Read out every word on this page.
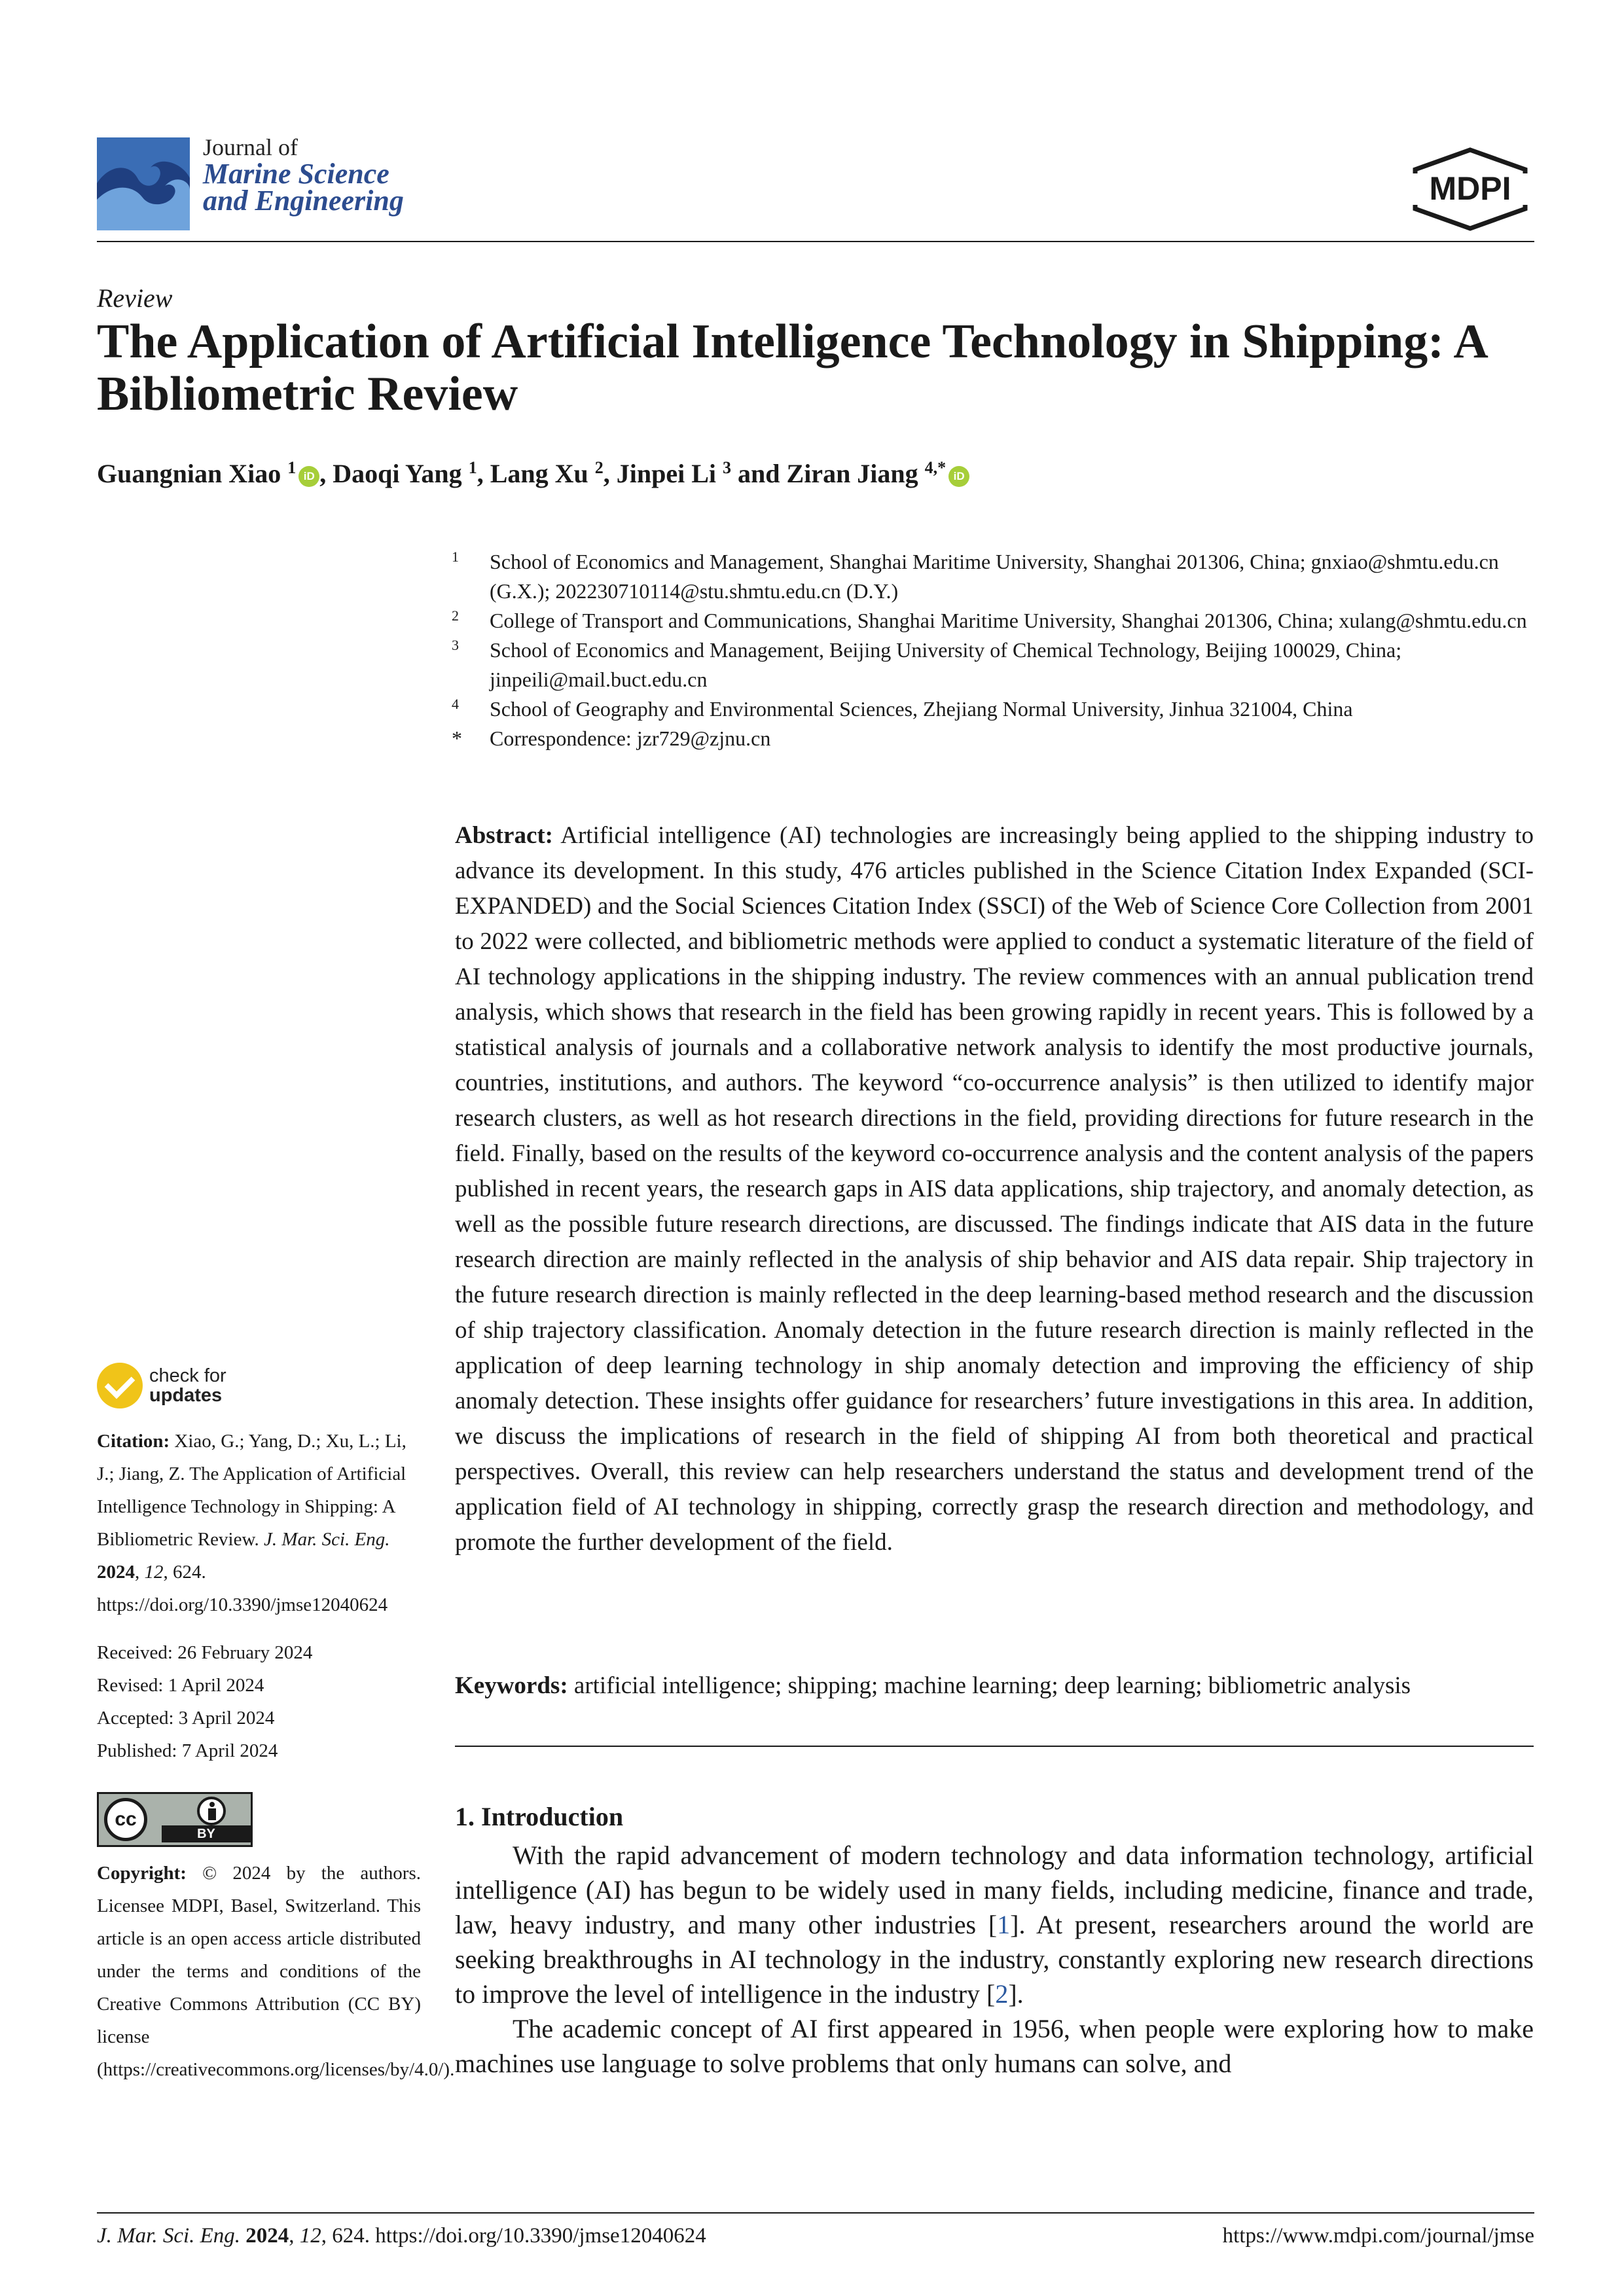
Journal of
Marine Science
and Engineering	MDPI
Review
The Application of Artificial Intelligence Technology in Shipping: A Bibliometric Review
Guangnian Xiao $^1$ iD , Daoqi Yang $^1$, Lang Xu $^2$, Jinpei Li $^3$ and Ziran Jiang $^{4,*}$ iD
1	School of Economics and Management, Shanghai Maritime University, Shanghai 201306, China; gnxiao@shmtu.edu.cn (G.X.); 202230710114@stu.shmtu.edu.cn (D.Y.)
2	College of Transport and Communications, Shanghai Maritime University, Shanghai 201306, China; xulang@shmtu.edu.cn
3	School of Economics and Management, Beijing University of Chemical Technology, Beijing 100029, China; jinpeili@mail.buct.edu.cn
4	School of Geography and Environmental Sciences, Zhejiang Normal University, Jinhua 321004, China
*	Correspondence: jzr729@zjnu.cn
Abstract: Artificial intelligence (AI) technologies are increasingly being applied to the shipping industry to advance its development. In this study, 476 articles published in the Science Citation Index Expanded (SCI-EXPANDED) and the Social Sciences Citation Index (SSCI) of the Web of Science Core Collection from 2001 to 2022 were collected, and bibliometric methods were applied to conduct a systematic literature of the field of AI technology applications in the shipping industry. The review commences with an annual publication trend analysis, which shows that research in the field has been growing rapidly in recent years. This is followed by a statistical analysis of journals and a collaborative network analysis to identify the most productive journals, countries, institutions, and authors. The keyword “co-occurrence analysis” is then utilized to identify major research clusters, as well as hot research directions in the field, providing directions for future research in the field. Finally, based on the results of the keyword co-occurrence analysis and the content analysis of the papers published in recent years, the research gaps in AIS data applications, ship trajectory, and anomaly detection, as well as the possible future research directions, are discussed. The findings indicate that AIS data in the future research direction are mainly reflected in the analysis of ship behavior and AIS data repair. Ship trajectory in the future research direction is mainly reflected in the deep learning-based method research and the discussion of ship trajectory classification. Anomaly detection in the future research direction is mainly reflected in the application of deep learning technology in ship anomaly detection and improving the efficiency of ship anomaly detection. These insights offer guidance for researchers’ future investigations in this area. In addition, we discuss the implications of research in the field of shipping AI from both theoretical and practical perspectives. Overall, this review can help researchers understand the status and development trend of the application field of AI technology in shipping, correctly grasp the research direction and methodology, and promote the further development of the field.
Keywords: artificial intelligence; shipping; machine learning; deep learning; bibliometric analysis
1. Introduction

With the rapid advancement of modern technology and data information technology, artificial intelligence (AI) has begun to be widely used in many fields, including medicine, finance and trade, law, heavy industry, and many other industries [1]. At present, researchers around the world are seeking breakthroughs in AI technology in the industry, constantly exploring new research directions to improve the level of intelligence in the industry [2].

The academic concept of AI first appeared in 1956, when people were exploring how to make machines use language to solve problems that only humans can solve, and

check for
updates
Citation: Xiao, G.; Yang, D.; Xu, L.; Li, J.; Jiang, Z. The Application of Artificial Intelligence Technology in Shipping: A Bibliometric Review. J. Mar. Sci. Eng. 2024, 12, 624. https://doi.org/10.3390/jmse12040624
Received: 26 February 2024
Revised: 1 April 2024
Accepted: 3 April 2024
Published: 7 April 2024
cc
BY
Copyright: © 2024 by the authors. Licensee MDPI, Basel, Switzerland. This article is an open access article distributed under the terms and conditions of the Creative Commons Attribution (CC BY) license (https://creativecommons.org/licenses/by/4.0/).
J. Mar. Sci. Eng. 2024, 12, 624. https://doi.org/10.3390/jmse12040624	https://www.mdpi.com/journal/jmse
